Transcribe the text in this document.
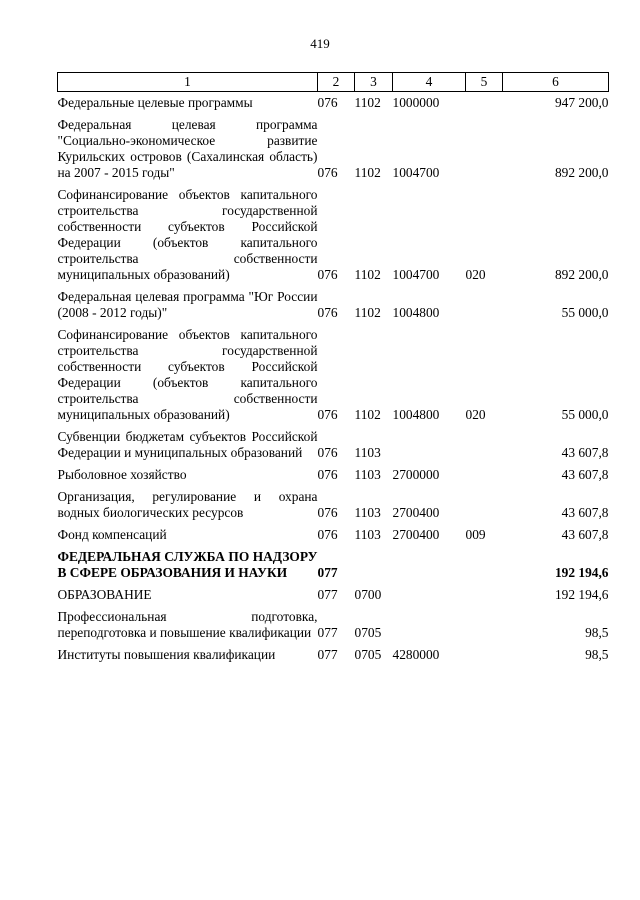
419
1	2	3	4	5	6
Федеральные целевые программы	076	1102	1000000		947 200,0
Федеральная целевая программа "Социально-экономическое развитие Курильских островов (Сахалинская область) на 2007 - 2015 годы"	076	1102	1004700		892 200,0
Софинансирование объектов капитального строительства государственной собственности субъектов Российской Федерации (объектов капитального строительства собственности муниципальных образований)	076	1102	1004700	020	892 200,0
Федеральная целевая программа "Юг России (2008 - 2012 годы)"	076	1102	1004800		55 000,0
Софинансирование объектов капитального строительства государственной собственности субъектов Российской Федерации (объектов капитального строительства собственности муниципальных образований)	076	1102	1004800	020	55 000,0
Субвенции бюджетам субъектов Российской Федерации и муниципальных образований	076	1103			43 607,8
Рыболовное хозяйство	076	1103	2700000		43 607,8
Организация, регулирование и охрана водных биологических ресурсов	076	1103	2700400		43 607,8
Фонд компенсаций	076	1103	2700400	009	43 607,8
ФЕДЕРАЛЬНАЯ СЛУЖБА ПО НАДЗОРУ В СФЕРЕ ОБРАЗОВАНИЯ И НАУКИ	077				192 194,6
ОБРАЗОВАНИЕ	077	0700			192 194,6
Профессиональная подготовка, переподготовка и повышение квалификации	077	0705			98,5
Институты повышения квалификации	077	0705	4280000		98,5
